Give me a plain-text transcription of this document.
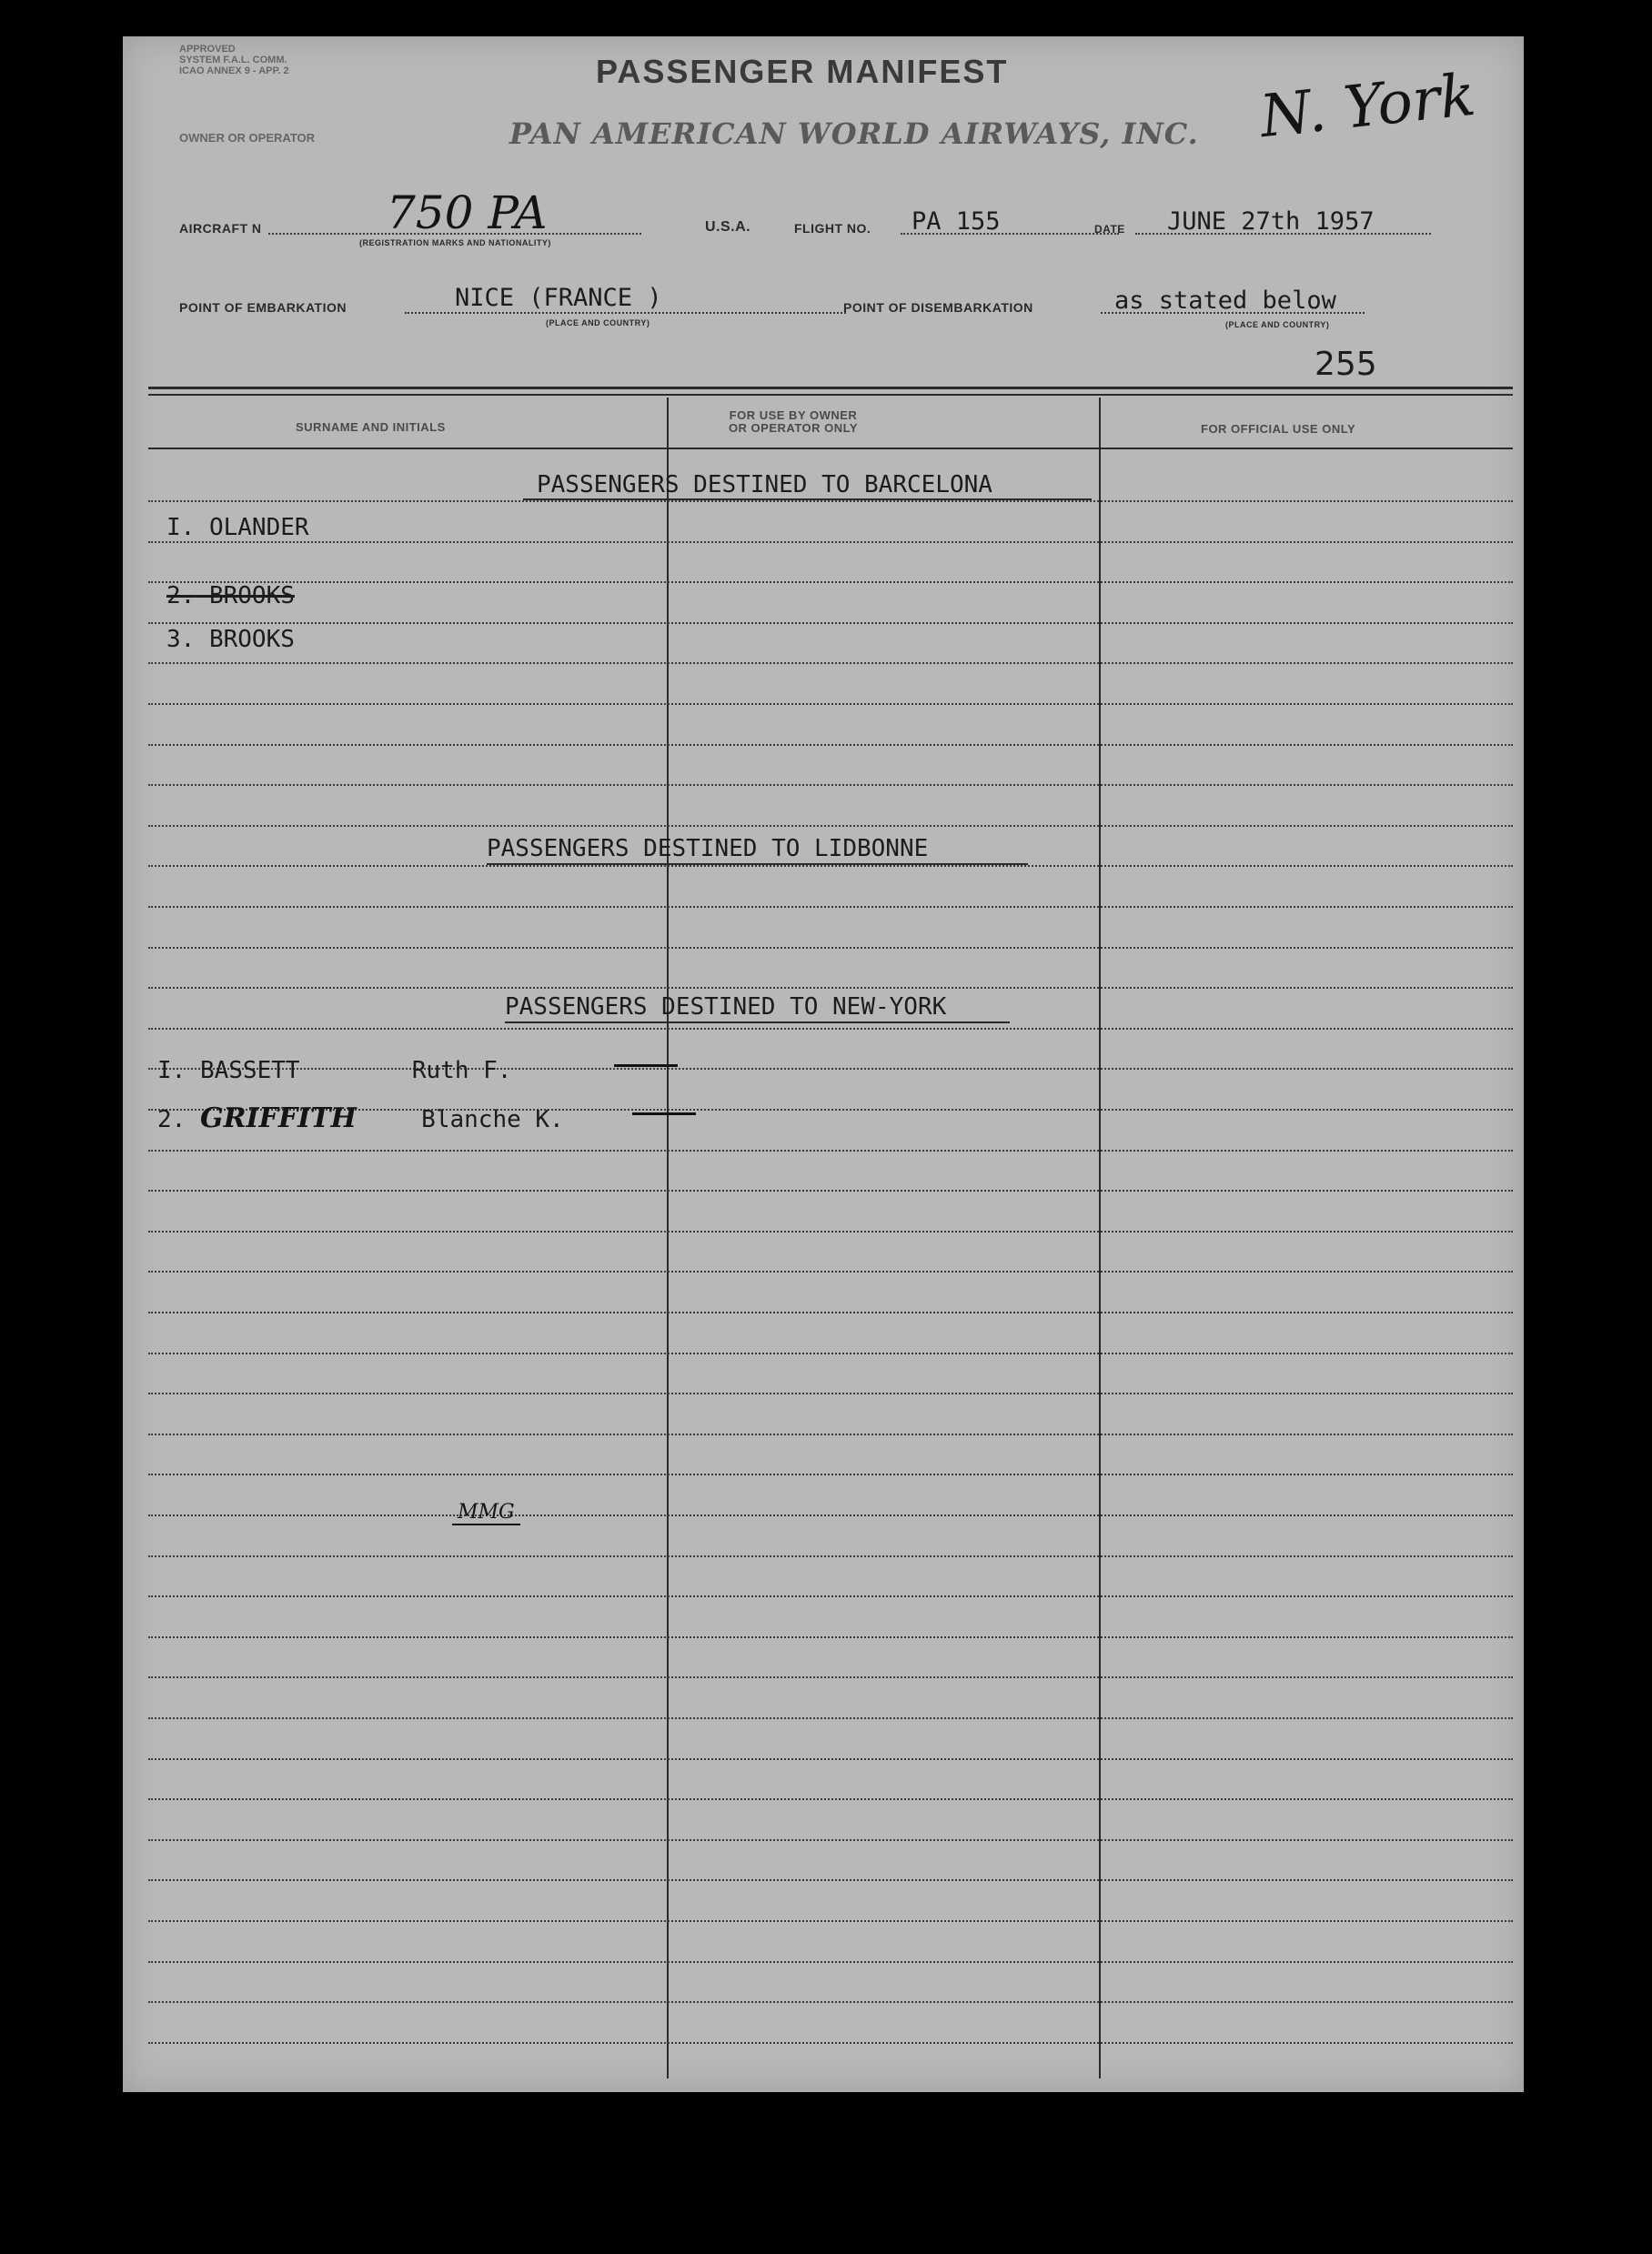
APPROVED
SYSTEM F.A.L. COMM.
ICAO ANNEX 9 - APP. 2	PASSENGER MANIFEST
OWNER OR OPERATOR	PAN AMERICAN WORLD AIRWAYS, INC. N. York
AIRCRAFT N	750 PA
(REGISTRATION MARKS AND NATIONALITY)
U.S.A.	FLIGHT NO. PA 155	DATE JUNE 27th 1957
POINT OF EMBARKATION	NICE (FRANCE )
(PLACE AND COUNTRY)
POINT OF DISEMBARKATION	as stated below
(PLACE AND COUNTRY)
255
SURNAME AND INITIALS
FOR USE BY OWNER
OR OPERATOR ONLY	FOR OFFICIAL USE ONLY
PASSENGERS DESTINED TO BARCELONA
I. OLANDER
2. BROOKS
3. BROOKS
PASSENGERS DESTINED TO LIDBONNE
PASSENGERS DESTINED TO NEW-YORK
I. BASSETT	Ruth F.
2. GRIFFITH	Blanche K.
MMG
